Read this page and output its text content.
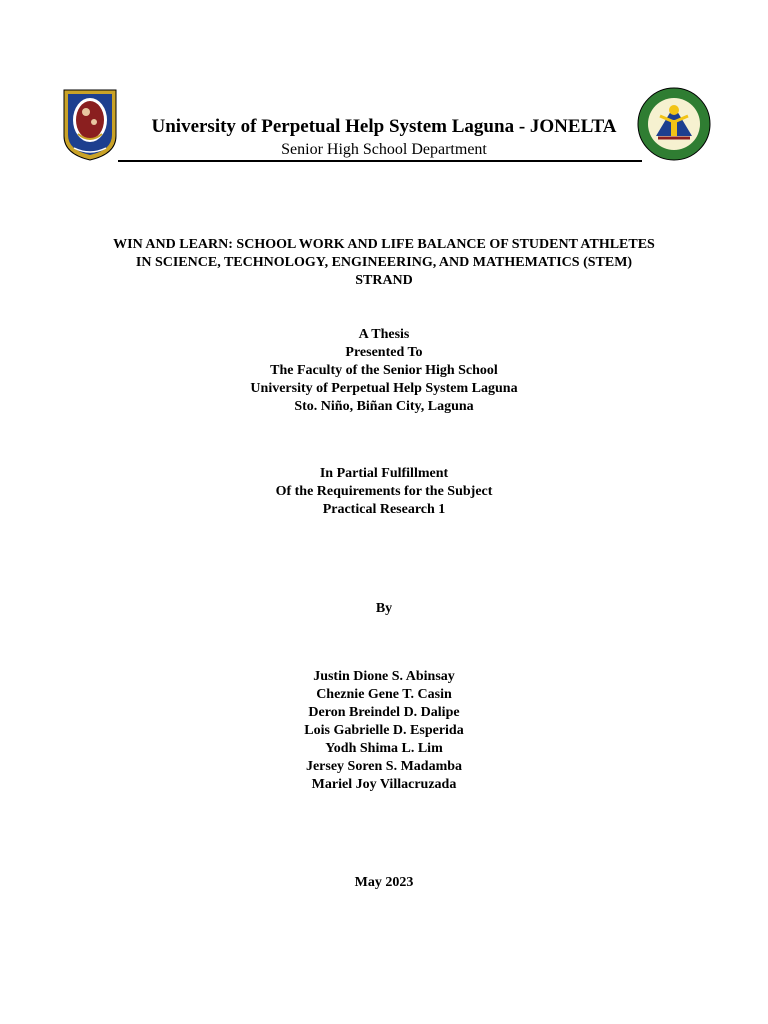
University of Perpetual Help System Laguna - JONELTA
Senior High School Department
WIN AND LEARN: SCHOOL WORK AND LIFE BALANCE OF STUDENT ATHLETES
IN SCIENCE, TECHNOLOGY, ENGINEERING, AND MATHEMATICS (STEM)
STRAND
A Thesis
Presented To
The Faculty of the Senior High School
University of Perpetual Help System Laguna
Sto. Niño, Biñan City, Laguna
In Partial Fulfillment
Of the Requirements for the Subject
Practical Research 1
By
Justin Dione S. Abinsay
Cheznie Gene T. Casin
Deron Breindel D. Dalipe
Lois Gabrielle D. Esperida
Yodh Shima L. Lim
Jersey Soren S. Madamba
Mariel Joy Villacruzada
May 2023
